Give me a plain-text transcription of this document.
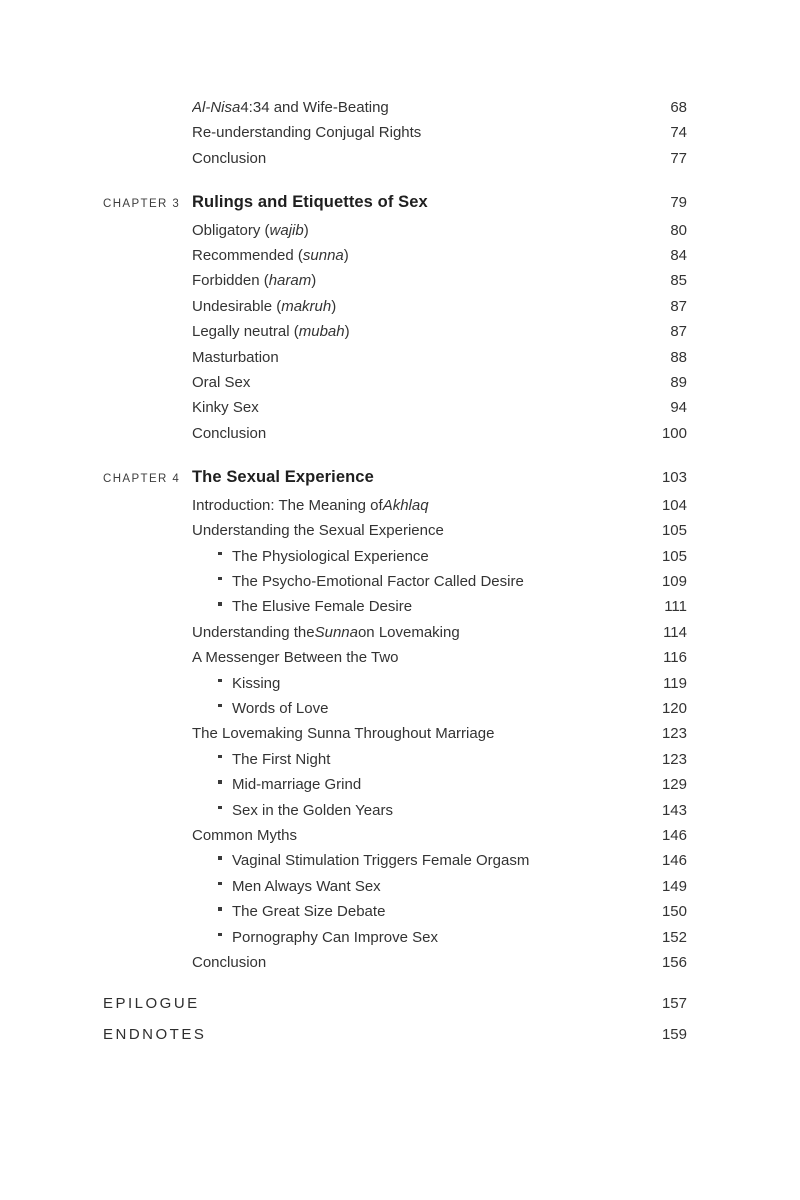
Al-Nisa 4:34 and Wife-Beating	68
Re-understanding Conjugal Rights	74
Conclusion	77
CHAPTER 3 Rulings and Etiquettes of Sex	79
Obligatory ( wajib )	80
Recommended ( sunna )	84
Forbidden ( haram )	85
Undesirable ( makruh )	87
Legally neutral ( mubah )	87
Masturbation	88
Oral Sex	89
Kinky Sex	94
Conclusion	100
CHAPTER 4 The Sexual Experience	103
Introduction: The Meaning of Akhlaq	104
Understanding the Sexual Experience	105
The Physiological Experience	105
The Psycho-Emotional Factor Called Desire	109
The Elusive Female Desire	111
Understanding the Sunna on Lovemaking	114
A Messenger Between the Two	116
Kissing	119
Words of Love	120
The Lovemaking Sunna Throughout Marriage	123
The First Night	123
Mid-marriage Grind	129
Sex in the Golden Years	143
Common Myths	146
Vaginal Stimulation Triggers Female Orgasm	146
Men Always Want Sex	149
The Great Size Debate	150
Pornography Can Improve Sex	152
Conclusion	156
EPILOGUE	157
ENDNOTES	159
